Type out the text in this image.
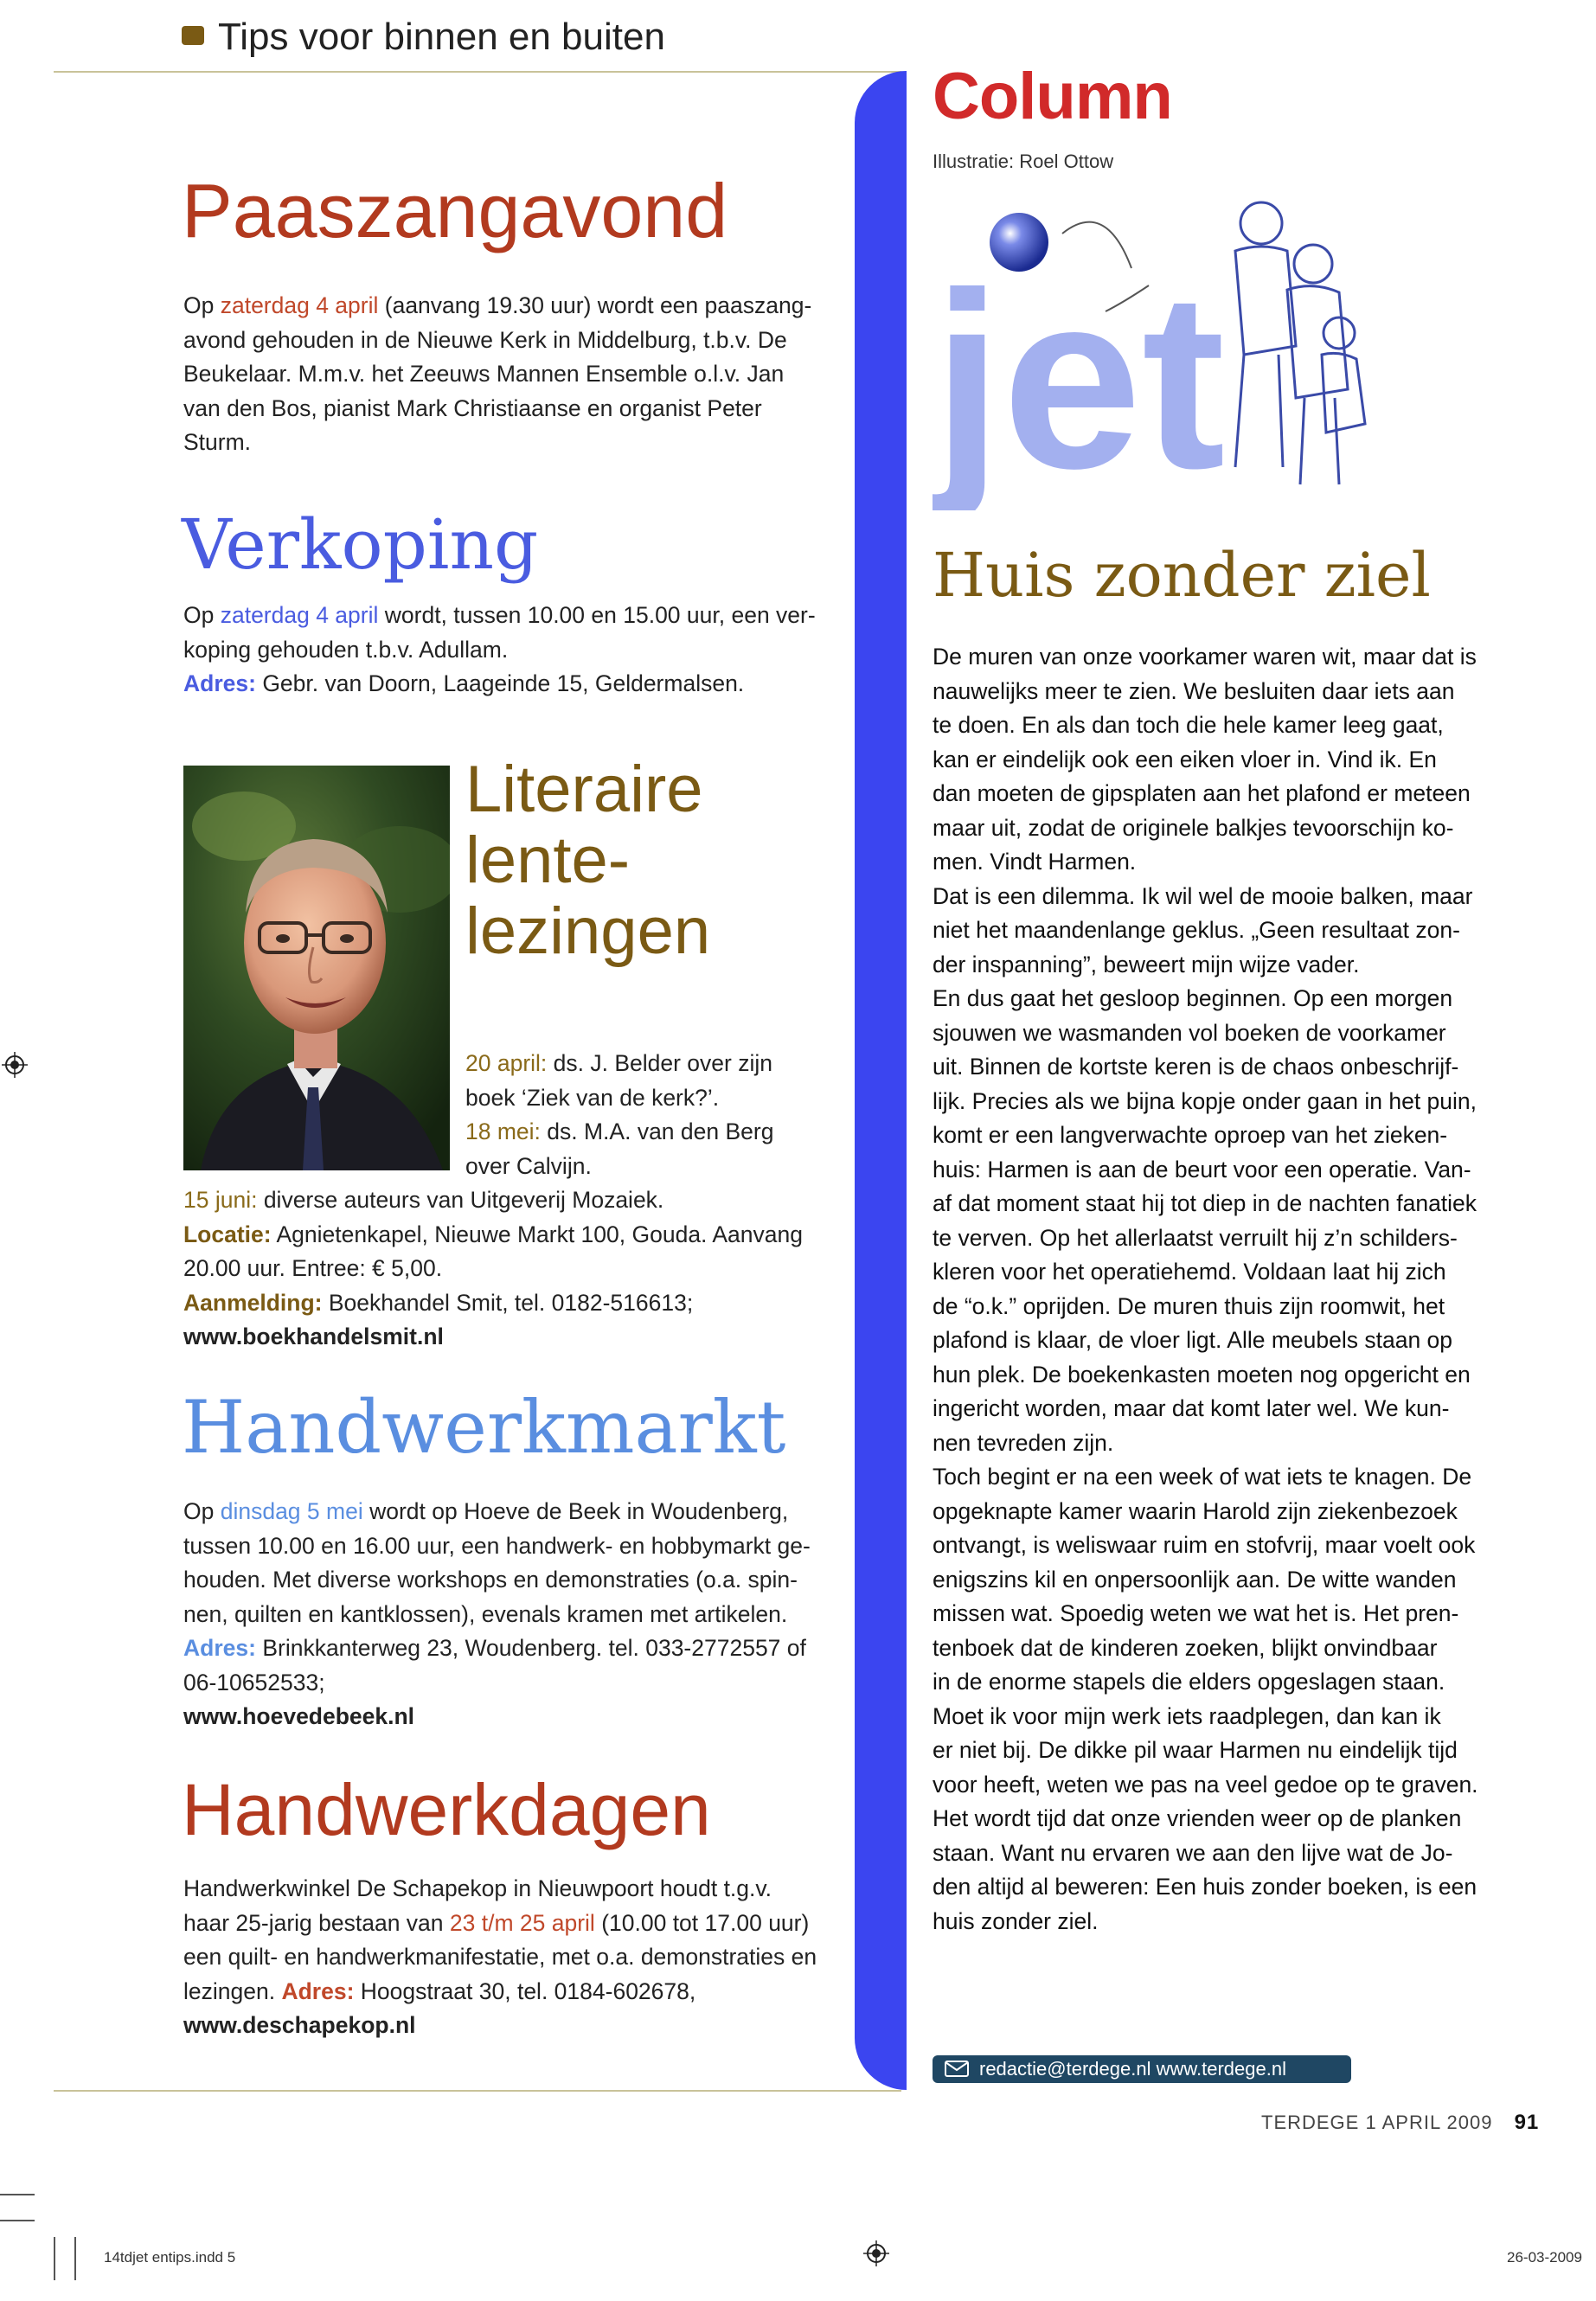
Tips voor binnen en buiten
Paaszangavond

Op zaterdag 4 april (aanvang 19.30 uur) wordt een paaszang-

avond gehouden in de Nieuwe Kerk in Middelburg, t.b.v. De

Beukelaar. M.m.v. het Zeeuws Mannen Ensemble o.l.v. Jan

van den Bos, pianist Mark Christiaanse en organist Peter

Sturm.

Verkoping

Op zaterdag 4 april wordt, tussen 10.00 en 15.00 uur, een ver-

koping gehouden t.b.v. Adullam.

Adres: Gebr. van Doorn, Laageinde 15, Geldermalsen.

Literaire
lente-
lezingen

20 april: ds. J. Belder over zijn

boek ‘Ziek van de kerk?’.

18 mei: ds. M.A. van den Berg

over Calvijn.

15 juni: diverse auteurs van Uitgeverij Mozaiek.

Locatie: Agnietenkapel, Nieuwe Markt 100, Gouda. Aanvang

20.00 uur. Entree: € 5,00.

Aanmelding: Boekhandel Smit, tel. 0182-516613;

www.boekhandelsmit.nl

Handwerkmarkt

Op dinsdag 5 mei wordt op Hoeve de Beek in Woudenberg,

tussen 10.00 en 16.00 uur, een handwerk- en hobbymarkt ge-

houden. Met diverse workshops en demonstraties (o.a. spin-

nen, quilten en kantklossen), evenals kramen met artikelen.

Adres: Brinkkanterweg 23, Woudenberg. tel. 033-2772557 of

06-10652533;

www.hoevedebeek.nl

Handwerkdagen

Handwerkwinkel De Schapekop in Nieuwpoort houdt t.g.v.

haar 25-jarig bestaan van 23 t/m 25 april (10.00 tot 17.00 uur)

een quilt- en handwerkmanifestatie, met o.a. demonstraties en

lezingen. Adres: Hoogstraat 30, tel. 0184-602678,

www.deschapekop.nl

Column
Illustratie: Roel Ottow
jet
Huis zonder ziel

De muren van onze voorkamer waren wit, maar dat is

nauwelijks meer te zien. We besluiten daar iets aan

te doen. En als dan toch die hele kamer leeg gaat,

kan er eindelijk ook een eiken vloer in. Vind ik. En

dan moeten de gipsplaten aan het plafond er meteen

maar uit, zodat de originele balkjes tevoorschijn ko-

men. Vindt Harmen.

Dat is een dilemma. Ik wil wel de mooie balken, maar

niet het maandenlange geklus. „Geen resultaat zon-

der inspanning”, beweert mijn wijze vader.

En dus gaat het gesloop beginnen. Op een morgen

sjouwen we wasmanden vol boeken de voorkamer

uit. Binnen de kortste keren is de chaos onbeschrijf-

lijk. Precies als we bijna kopje onder gaan in het puin,

komt er een langverwachte oproep van het zieken-

huis: Harmen is aan de beurt voor een operatie. Van-

af dat moment staat hij tot diep in de nachten fanatiek

te verven. Op het allerlaatst verruilt hij z’n schilders-

kleren voor het operatiehemd. Voldaan laat hij zich

de “o.k.” oprijden. De muren thuis zijn roomwit, het

plafond is klaar, de vloer ligt. Alle meubels staan op

hun plek. De boekenkasten moeten nog opgericht en

ingericht worden, maar dat komt later wel. We kun-

nen tevreden zijn.

Toch begint er na een week of wat iets te knagen. De

opgeknapte kamer waarin Harold zijn ziekenbezoek

ontvangt, is weliswaar ruim en stofvrij, maar voelt ook

enigszins kil en onpersoonlijk aan. De witte wanden

missen wat. Spoedig weten we wat het is. Het pren-

tenboek dat de kinderen zoeken, blijkt onvindbaar

in de enorme stapels die elders opgeslagen staan.

Moet ik voor mijn werk iets raadplegen, dan kan ik

er niet bij. De dikke pil waar Harmen nu eindelijk tijd

voor heeft, weten we pas na veel gedoe op te graven.

Het wordt tijd dat onze vrienden weer op de planken

staan. Want nu ervaren we aan den lijve wat de Jo-

den altijd al beweren: Een huis zonder boeken, is een

huis zonder ziel.

redactie@terdege.nl www.terdege.nl
TERDEGE 1 APRIL 2009 91
14tdjet entips.indd 5	26-03-2009
